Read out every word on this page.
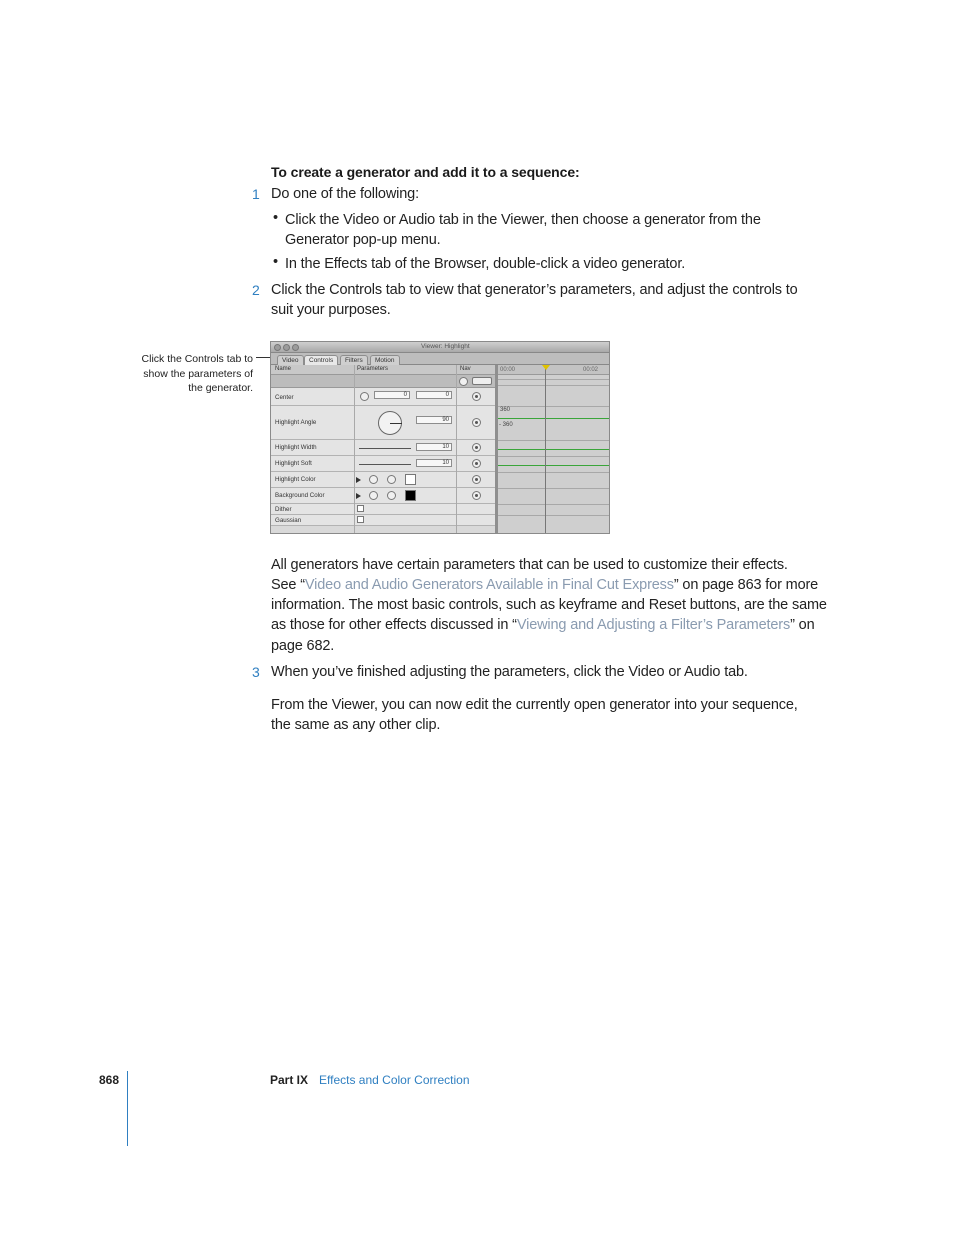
To create a generator and add it to a sequence:
1 Do one of the following:
• Click the Video or Audio tab in the Viewer, then choose a generator from the
Generator pop-up menu.
• In the Effects tab of the Browser, double-click a video generator.
2 Click the Controls tab to view that generator’s parameters, and adjust the controls to
suit your purposes.
Click the Controls tab to
show the parameters of
the generator.
Viewer: Highlight
Video	Controls	Filters	Motion
Name	Parameters	Nav
Center	0	0
Highlight Angle	90
Highlight Width	10
Highlight Soft	10
Highlight Color
Background Color
Dither
Gaussian
00:00	00:02
360
- 360
All generators have certain parameters that can be used to customize their effects.
See “Video and Audio Generators Available in Final Cut Express” on page 863 for more
information. The most basic controls, such as keyframe and Reset buttons, are the same
as those for other effects discussed in “Viewing and Adjusting a Filter’s Parameters” on
page 682.
3 When you’ve finished adjusting the parameters, click the Video or Audio tab.
From the Viewer, you can now edit the currently open generator into your sequence,
the same as any other clip.
868	Part IX Effects and Color Correction
